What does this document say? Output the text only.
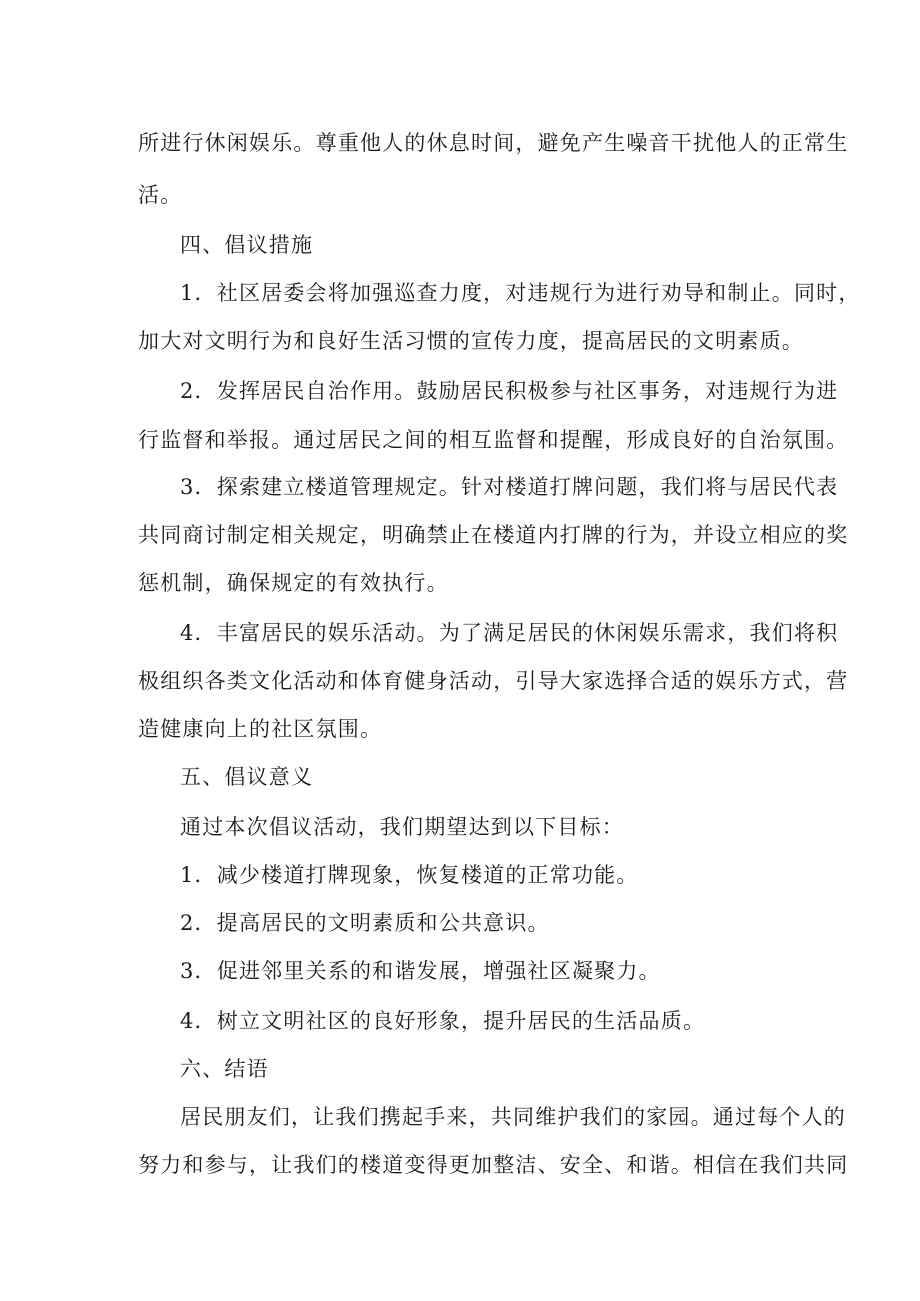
所进行休闲娱乐。尊重他人的休息时间，避免产生噪音干扰他人的正常生
活。
四、倡议措施
1．社区居委会将加强巡查力度，对违规行为进行劝导和制止。同时，
加大对文明行为和良好生活习惯的宣传力度，提高居民的文明素质。
2．发挥居民自治作用。鼓励居民积极参与社区事务，对违规行为进
行监督和举报。通过居民之间的相互监督和提醒，形成良好的自治氛围。
3．探索建立楼道管理规定。针对楼道打牌问题，我们将与居民代表
共同商讨制定相关规定，明确禁止在楼道内打牌的行为，并设立相应的奖
惩机制，确保规定的有效执行。
4．丰富居民的娱乐活动。为了满足居民的休闲娱乐需求，我们将积
极组织各类文化活动和体育健身活动，引导大家选择合适的娱乐方式，营
造健康向上的社区氛围。
五、倡议意义
通过本次倡议活动，我们期望达到以下目标：
1．减少楼道打牌现象，恢复楼道的正常功能。
2．提高居民的文明素质和公共意识。
3．促进邻里关系的和谐发展，增强社区凝聚力。
4．树立文明社区的良好形象，提升居民的生活品质。
六、结语
居民朋友们，让我们携起手来，共同维护我们的家园。通过每个人的
努力和参与，让我们的楼道变得更加整洁、安全、和谐。相信在我们共同
